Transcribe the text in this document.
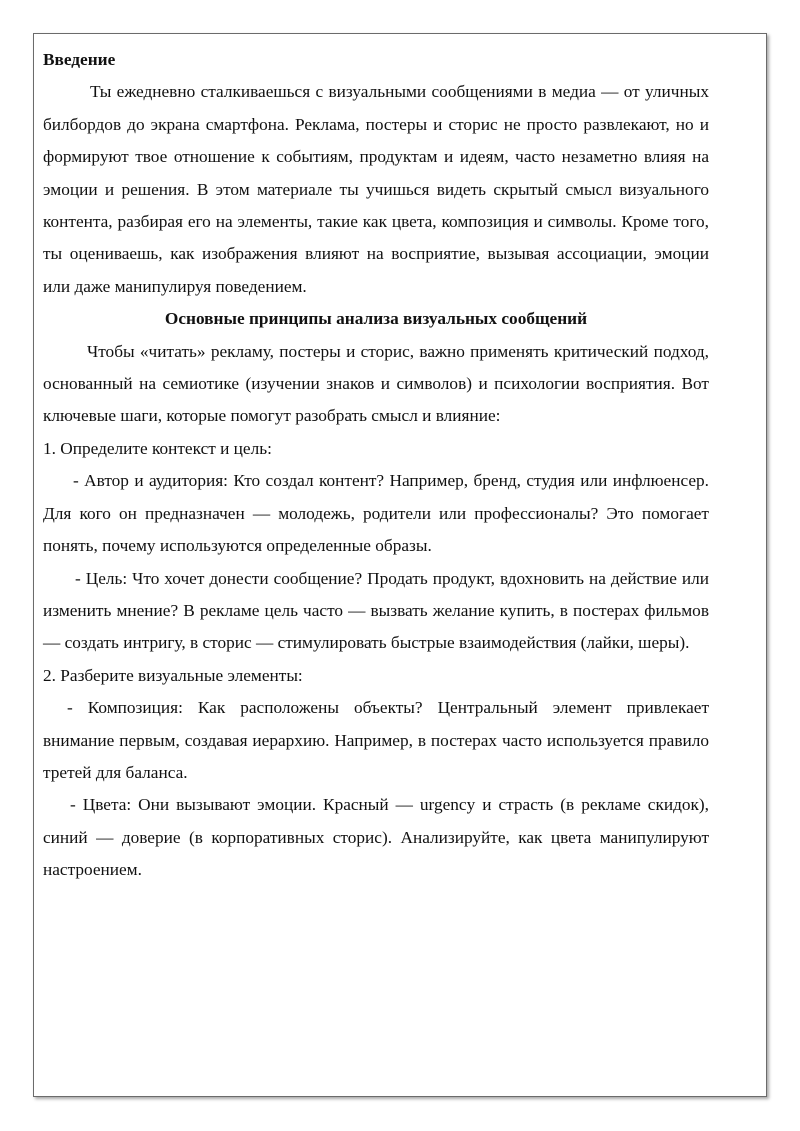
Введение

Ты ежедневно сталкиваешься с визуальными сообщениями в медиа — от уличных билбордов до экрана смартфона. Реклама, постеры и сторис не просто развлекают, но и формируют твое отношение к событиям, продуктам и идеям, часто незаметно влияя на эмоции и решения. В этом материале ты учишься видеть скрытый смысл визуального контента, разбирая его на элементы, такие как цвета, композиция и символы. Кроме того, ты оцениваешь, как изображения влияют на восприятие, вызывая ассоциации, эмоции или даже манипулируя поведением.

Основные принципы анализа визуальных сообщений

Чтобы «читать» рекламу, постеры и сторис, важно применять критический подход, основанный на семиотике (изучении знаков и символов) и психологии восприятия. Вот ключевые шаги, которые помогут разобрать смысл и влияние:

1. Определите контекст и цель:

- Автор и аудитория: Кто создал контент? Например, бренд, студия или инфлюенсер. Для кого он предназначен — молодежь, родители или профессионалы? Это помогает понять, почему используются определенные образы.

- Цель: Что хочет донести сообщение? Продать продукт, вдохновить на действие или изменить мнение? В рекламе цель часто — вызвать желание купить, в постерах фильмов — создать интригу, в сторис — стимулировать быстрые взаимодействия (лайки, шеры).

2. Разберите визуальные элементы:

- Композиция: Как расположены объекты? Центральный элемент привлекает внимание первым, создавая иерархию. Например, в постерах часто используется правило третей для баланса.

- Цвета: Они вызывают эмоции. Красный — urgency и страсть (в рекламе скидок), синий — доверие (в корпоративных сторис). Анализируйте, как цвета манипулируют настроением.
